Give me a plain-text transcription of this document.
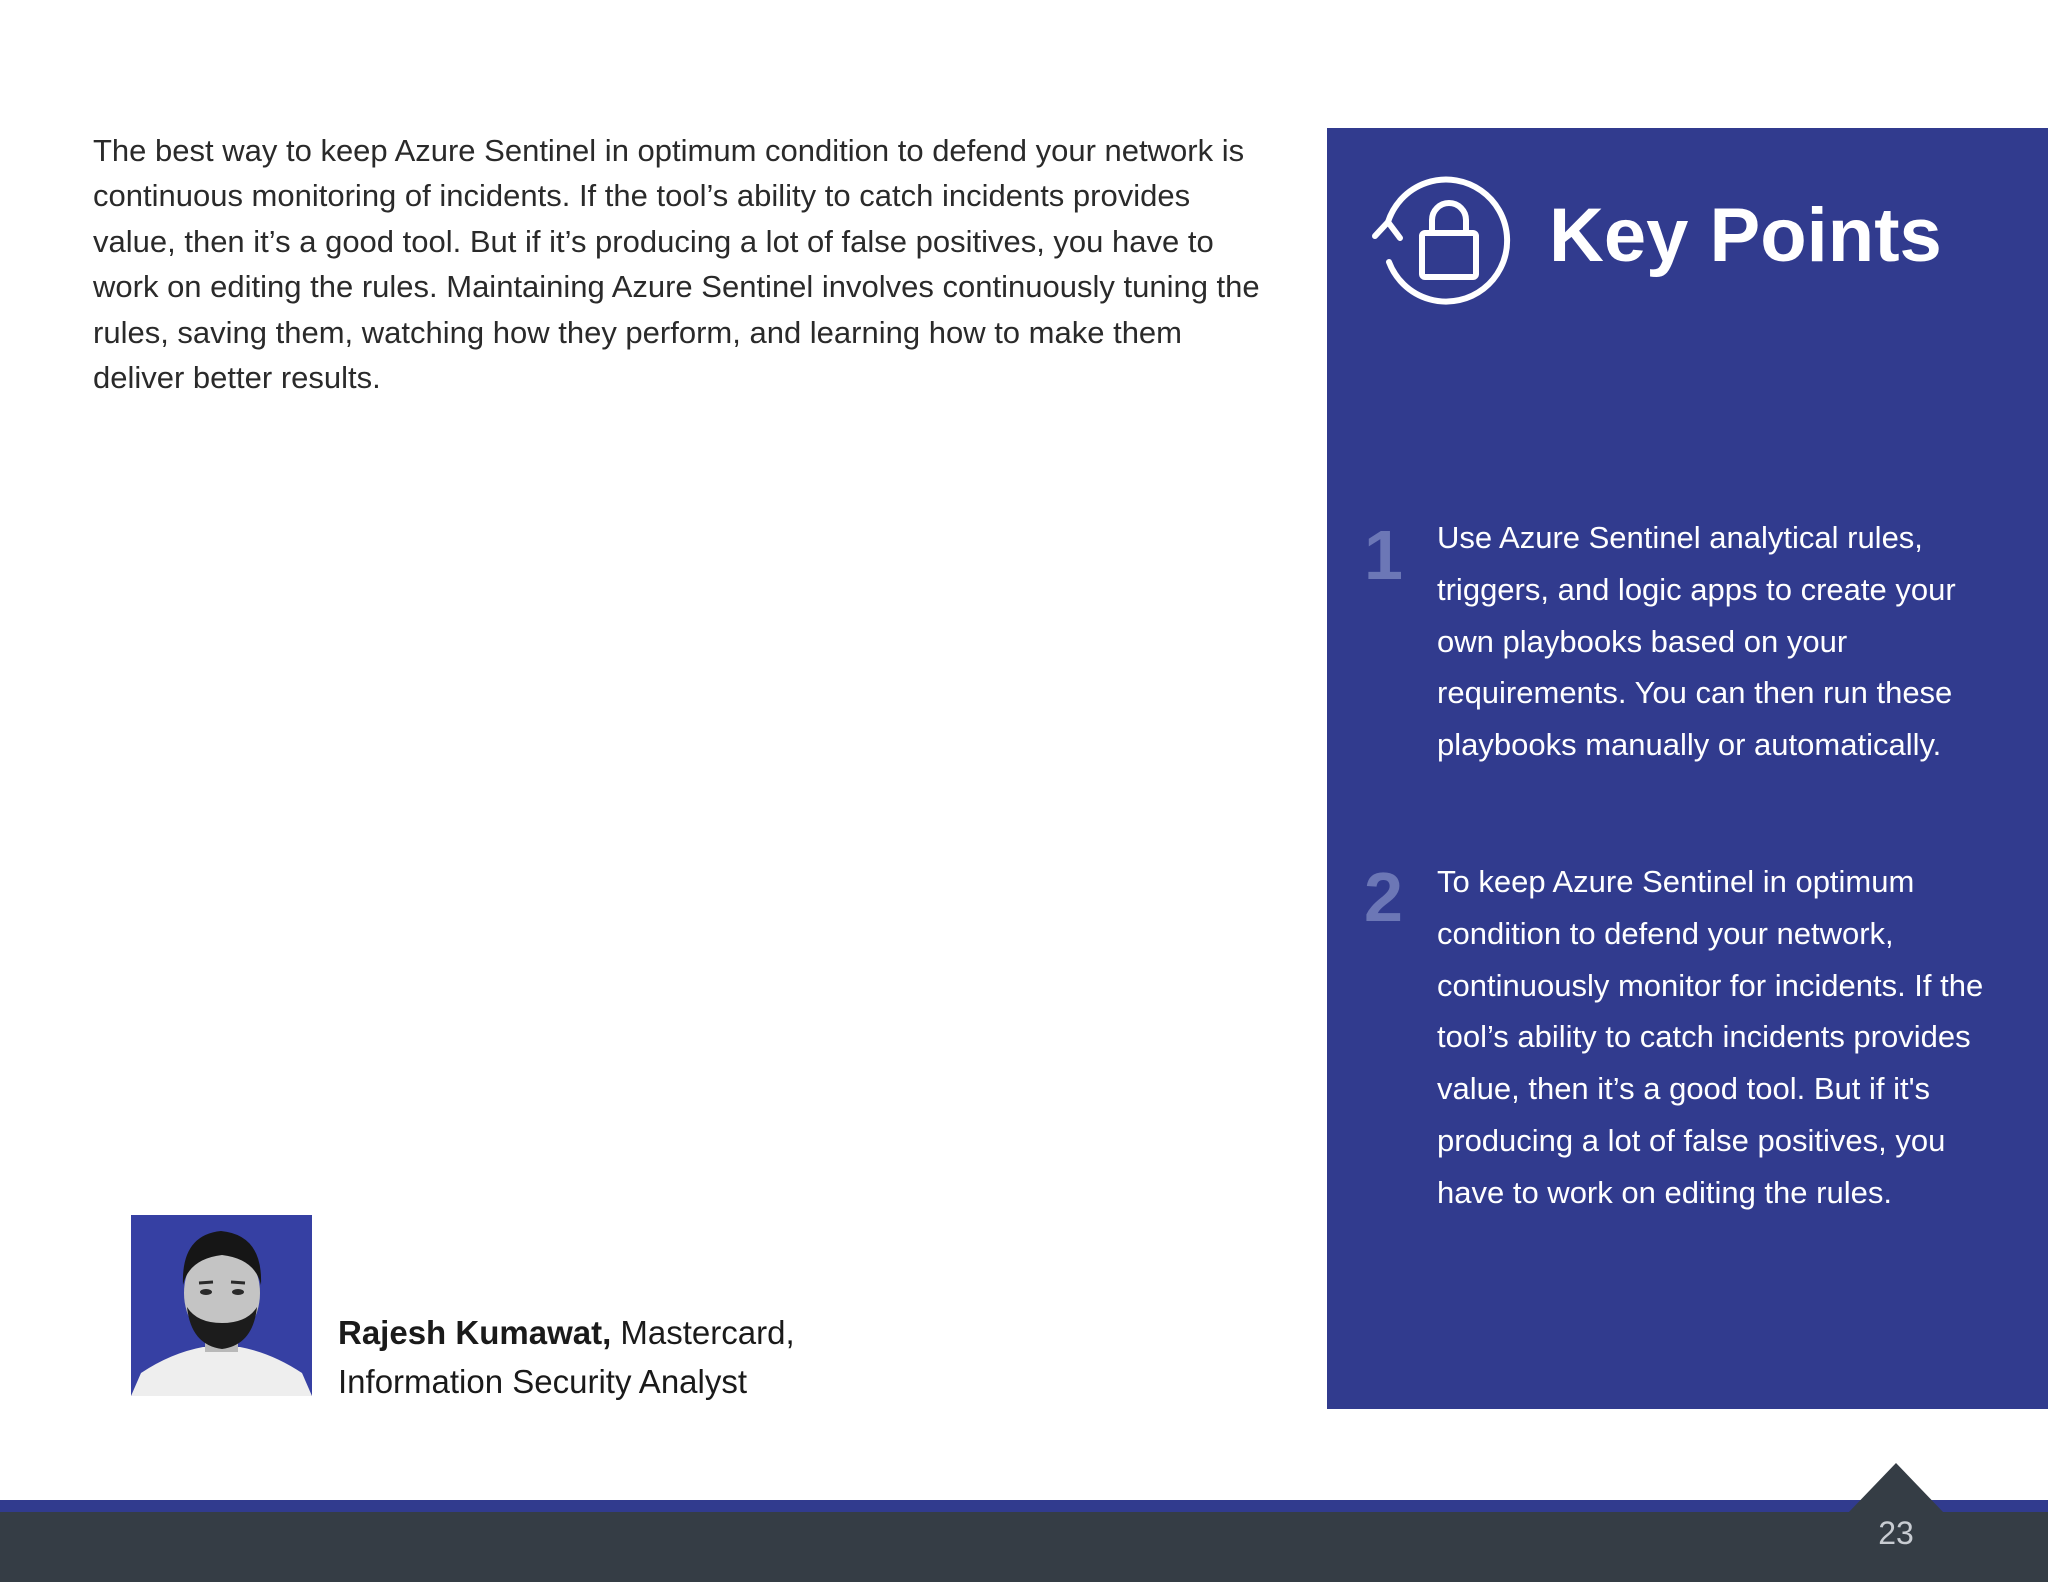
The best way to keep Azure Sentinel in optimum condition to defend your network is continuous monitoring of incidents. If the tool’s ability to catch incidents provides value, then it’s a good tool. But if it’s producing a lot of false positives, you have to work on editing the rules. Maintaining Azure Sentinel involves continuously tuning the rules, saving them, watching how they perform, and learning how to make them deliver better results.

Key Points
1	Use Azure Sentinel analytical rules, triggers, and logic apps to create your own playbooks based on your requirements. You can then run these playbooks manually or automatically.

2	To keep Azure Sentinel in optimum condition to defend your network, continuously monitor for incidents. If the tool’s ability to catch incidents provides value, then it’s a good tool. But if it's producing a lot of false positives, you have to work on editing the rules.

Rajesh Kumawat, Mastercard,
Information Security Analyst

23
